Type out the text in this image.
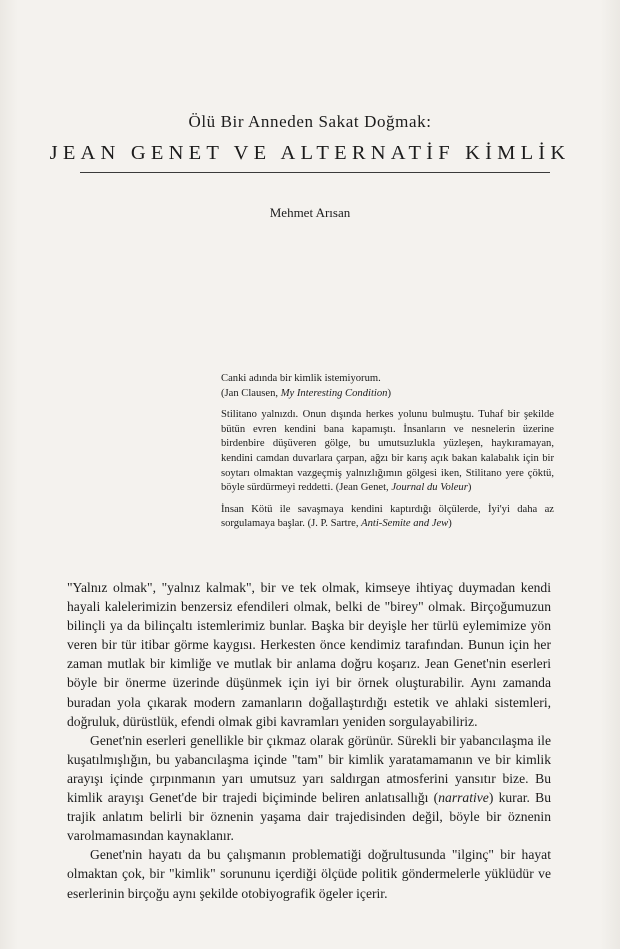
Ölü Bir Anneden Sakat Doğmak:
JEAN GENET VE ALTERNATİF KİMLİK
Mehmet Arısan

Canki adında bir kimlik istemiyorum.

(Jan Clausen, My Interesting Condition)

Stilitano yalnızdı. Onun dışında herkes yolunu bulmuştu. Tuhaf bir şekilde bütün evren kendini bana kapamıştı. İnsanların ve nesnelerin üzerine birdenbire düşüveren gölge, bu umutsuzlukla yüzleşen, haykıramayan, kendini camdan duvarlara çarpan, ağzı bir karış açık bakan kalabalık için bir soytarı olmaktan vazgeçmiş yalnızlığımın gölgesi iken, Stilitano yere çöktü, böyle sürdürmeyi reddetti. (Jean Genet, Journal du Voleur)

İnsan Kötü ile savaşmaya kendini kaptırdığı ölçülerde, İyi'yi daha az sorgulamaya başlar. (J. P. Sartre, Anti-Semite and Jew)

"Yalnız olmak", "yalnız kalmak", bir ve tek olmak, kimseye ihtiyaç duymadan kendi hayali kalelerimizin benzersiz efendileri olmak, belki de "birey" olmak. Birçoğumuzun bilinçli ya da bilinçaltı istemlerimiz bunlar. Başka bir deyişle her türlü eylemimize yön veren bir tür itibar görme kaygısı. Herkesten önce kendimiz tarafından. Bunun için her zaman mutlak bir kimliğe ve mutlak bir anlama doğru koşarız. Jean Genet'nin eserleri böyle bir önerme üzerinde düşünmek için iyi bir örnek oluşturabilir. Aynı zamanda buradan yola çıkarak modern zamanların doğallaştırdığı estetik ve ahlaki sistemleri, doğruluk, dürüstlük, efendi olmak gibi kavramları yeniden sorgulayabiliriz.

Genet'nin eserleri genellikle bir çıkmaz olarak görünür. Sürekli bir yabancılaşma ile kuşatılmışlığın, bu yabancılaşma içinde "tam" bir kimlik yaratamamanın ve bir kimlik arayışı içinde çırpınmanın yarı umutsuz yarı saldırgan atmosferini yansıtır bize. Bu kimlik arayışı Genet'de bir trajedi biçiminde beliren anlatısallığı (narrative) kurar. Bu trajik anlatım belirli bir öznenin yaşama dair trajedisinden değil, böyle bir öznenin varolmamasından kaynaklanır.

Genet'nin hayatı da bu çalışmanın problematiği doğrultusunda "ilginç" bir hayat olmaktan çok, bir "kimlik" sorununu içerdiği ölçüde politik göndermelerle yüklüdür ve eserlerinin birçoğu aynı şekilde otobiyografik ögeler içerir.
